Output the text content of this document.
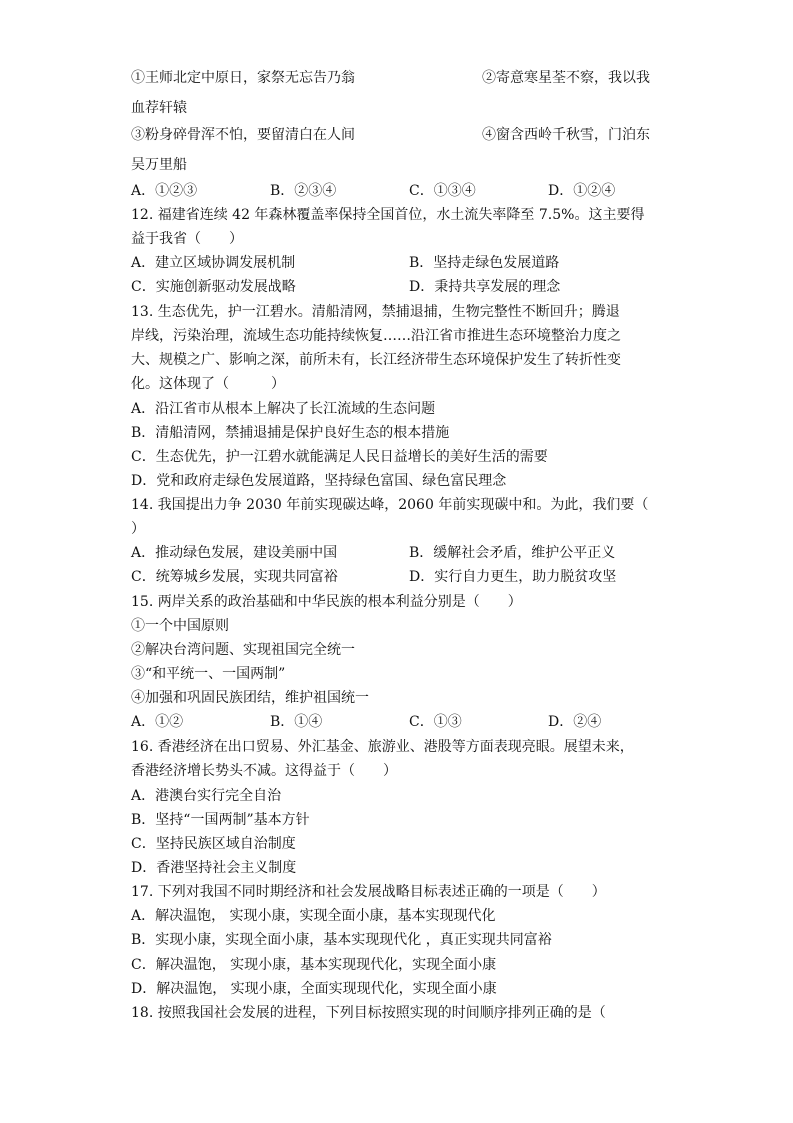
①王师北定中原日，家祭无忘告乃翁	②寄意寒星荃不察，我以我
血荐轩辕
③粉身碎骨浑不怕，要留清白在人间	④窗含西岭千秋雪，门泊东
吴万里船
A．①②③	B．②③④	C．①③④	D．①②④
12. 福建省连续 42 年森林覆盖率保持全国首位，水土流失率降至 7.5%。这主要得
益于我省（　　）
A．建立区域协调发展机制	B．坚持走绿色发展道路
C．实施创新驱动发展战略	D．秉持共享发展的理念
13. 生态优先，护一江碧水。清船清网，禁捕退捕，生物完整性不断回升；腾退
岸线，污染治理，流域生态功能持续恢复……沿江省市推进生态环境整治力度之
大、规模之广、影响之深，前所未有，长江经济带生态环境保护发生了转折性变
化。这体现了（　　　）
A．沿江省市从根本上解决了长江流域的生态问题
B．清船清网，禁捕退捕是保护良好生态的根本措施
C．生态优先，护一江碧水就能满足人民日益增长的美好生活的需要
D．党和政府走绿色发展道路，坚持绿色富国、绿色富民理念
14. 我国提出力争 2030 年前实现碳达峰，2060 年前实现碳中和。为此，我们要（
）
A．推动绿色发展，建设美丽中国	B．缓解社会矛盾，维护公平正义
C．统筹城乡发展，实现共同富裕	D．实行自力更生，助力脱贫攻坚
15. 两岸关系的政治基础和中华民族的根本利益分别是（　　）
①一个中国原则
②解决台湾问题、实现祖国完全统一
③“和平统一、一国两制”
④加强和巩固民族团结，维护祖国统一
A．①②	B．①④	C．①③	D．②④
16. 香港经济在出口贸易、外汇基金、旅游业、港股等方面表现亮眼。展望未来，
香港经济增长势头不减。这得益于（　　）
A．港澳台实行完全自治
B．坚持“一国两制”基本方针
C．坚持民族区域自治制度
D．香港坚持社会主义制度
17. 下列对我国不同时期经济和社会发展战略目标表述正确的一项是（　　）
A．解决温饱， 实现小康，实现全面小康，基本实现现代化
B．实现小康，实现全面小康，基本实现现代化 ，真正实现共同富裕
C．解决温饱， 实现小康，基本实现现代化，实现全面小康
D．解决温饱， 实现小康，全面实现现代化，实现全面小康
18. 按照我国社会发展的进程，下列目标按照实现的时间顺序排列正确的是（
